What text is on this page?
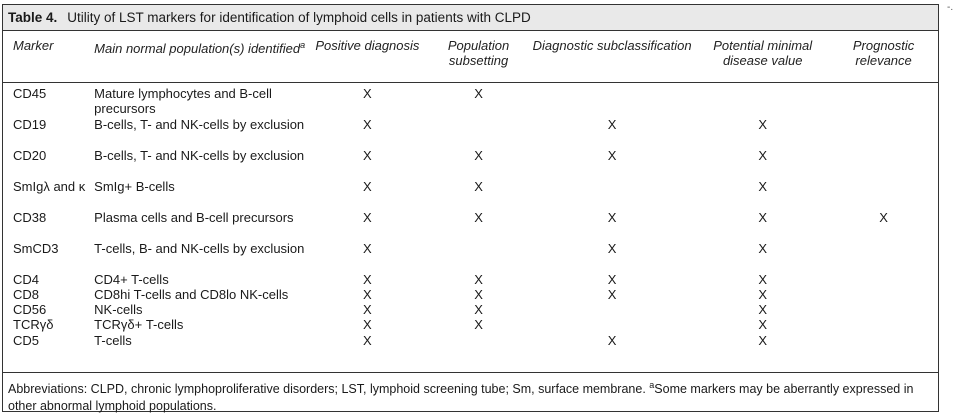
-.
Table 4. Utility of LST markers for identification of lymphoid cells in patients with CLPD
Marker	Main normal population(s) identified$^a$	Positive diagnosis	Population subsetting	Diagnostic subclassification	Potential minimal disease value	Prognostic relevance

CD45	Mature lymphocytes and B-cell precursors	X	X			
CD19	B-cells, T- and NK-cells by exclusion	X		X	X	
CD20	B-cells, T- and NK-cells by exclusion	X	X	X	X	
SmIgλ and κ	SmIg+ B-cells	X	X		X	
CD38	Plasma cells and B-cell precursors	X	X	X	X	X
SmCD3	T-cells, B- and NK-cells by exclusion	X		X	X	
CD4	CD4+ T-cells	X	X	X	X	
CD8	CD8hi T-cells and CD8lo NK-cells	X	X	X	X	
CD56	NK-cells	X	X		X	
TCRγδ	TCRγδ+ T-cells	X	X		X	
CD5	T-cells	X		X	X	
Abbreviations: CLPD, chronic lymphoproliferative disorders; LST, lymphoid screening tube; Sm, surface membrane. $^a$Some markers may be aberrantly expressed in other abnormal lymphoid populations.
